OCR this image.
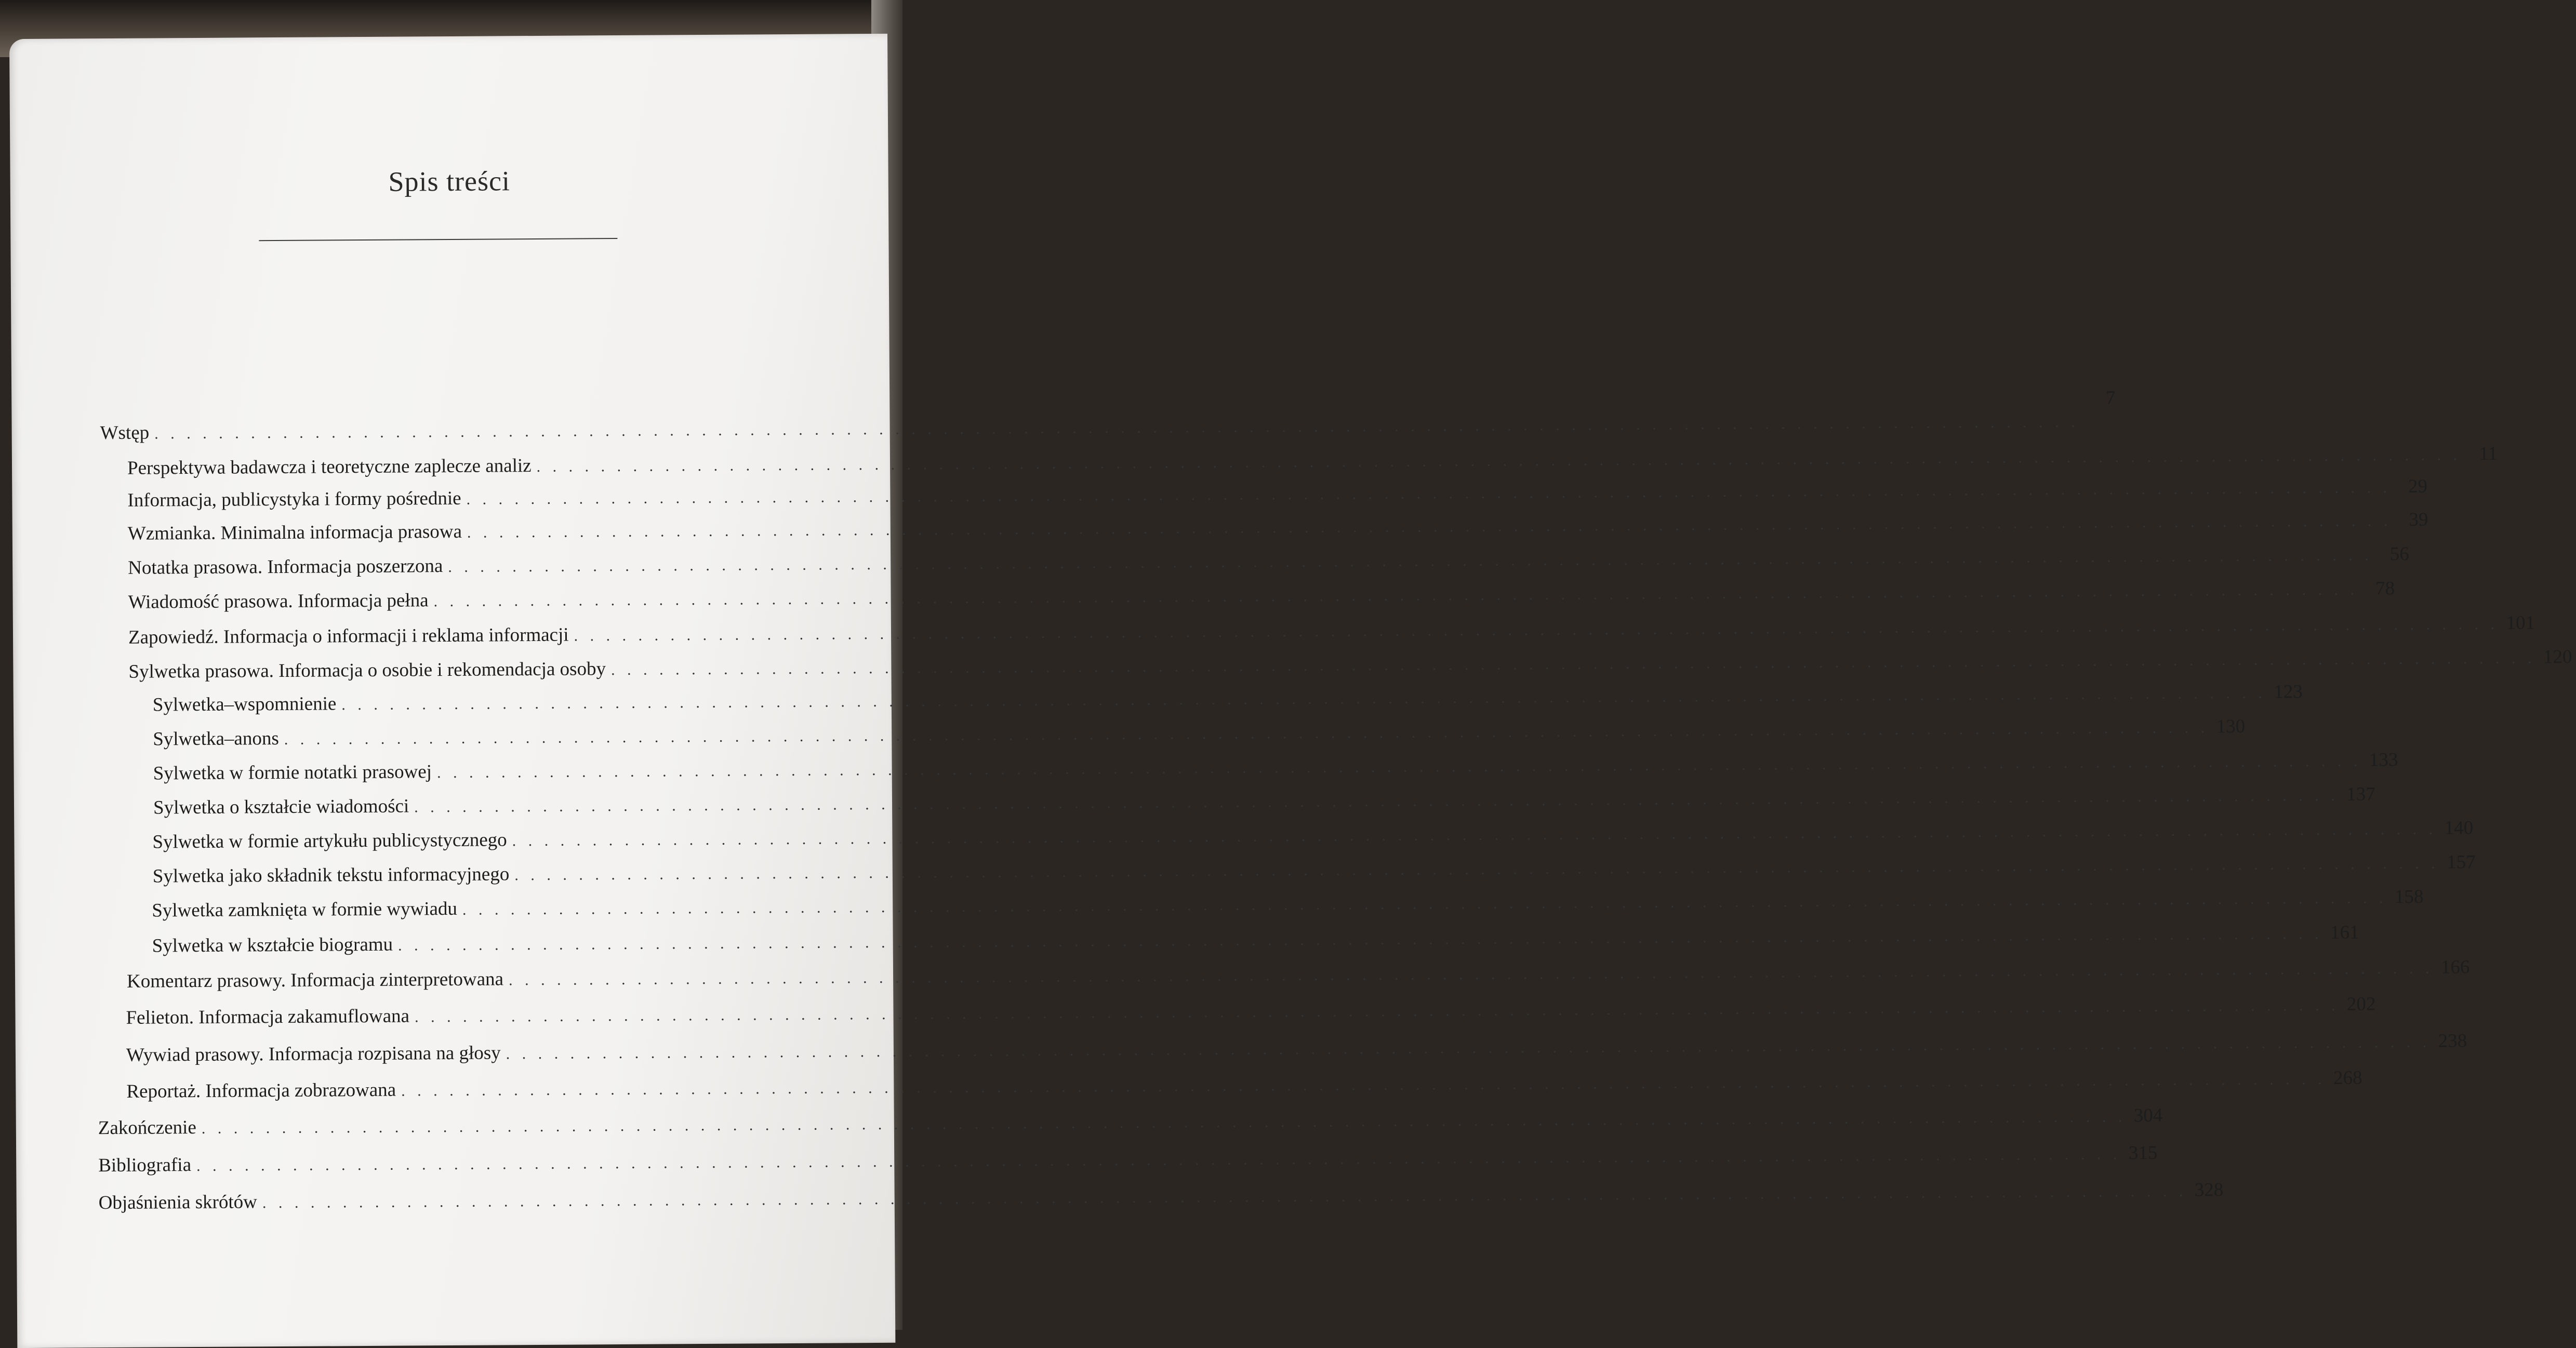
Spis treści
Wstęp . . . . . . . . . . . . . . . . . . . . . . . . . . . . . . . . . . . . . . . . . . . . . . . . . . . . . . . . . . . . . . . . . . . . . . . . . . . . . . . . . . . . . . . . . . . . . . . . . . . . . . . . . . . . . . . . . . . . . . . .
7
Perspektywa badawcza i teoretyczne zaplecze analiz . . . . . . . . . . . . . . . . . . . . . . . . . . . . . . . . . . . . . . . . . . . . . . . . . . . . . . . . . . . . . . . . . . . . . . . . . . . . . . . . . . . . . . . . . . . . . . . . . . . . . . . . . . . . . . . . . . . . . . . . 11
Informacja, publicystyka i formy pośrednie . . . . . . . . . . . . . . . . . . . . . . . . . . . . . . . . . . . . . . . . . . . . . . . . . . . . . . . . . . . . . . . . . . . . . . . . . . . . . . . . . . . . . . . . . . . . . . . . . . . . . . . . . . . . . . . . . . . . . . . . 29
Wzmianka. Minimalna informacja prasowa . . . . . . . . . . . . . . . . . . . . . . . . . . . . . . . . . . . . . . . . . . . . . . . . . . . . . . . . . . . . . . . . . . . . . . . . . . . . . . . . . . . . . . . . . . . . . . . . . . . . . . . . . . . . . . . . . . . . . . . . 39
Notatka prasowa. Informacja poszerzona . . . . . . . . . . . . . . . . . . . . . . . . . . . . . . . . . . . . . . . . . . . . . . . . . . . . . . . . . . . . . . . . . . . . . . . . . . . . . . . . . . . . . . . . . . . . . . . . . . . . . . . . . . . . . . . . . . . . . . . . 56
Wiadomość prasowa. Informacja pełna . . . . . . . . . . . . . . . . . . . . . . . . . . . . . . . . . . . . . . . . . . . . . . . . . . . . . . . . . . . . . . . . . . . . . . . . . . . . . . . . . . . . . . . . . . . . . . . . . . . . . . . . . . . . . . . . . . . . . . . . 78
Zapowiedź. Informacja o informacji i reklama informacji . . . . . . . . . . . . . . . . . . . . . . . . . . . . . . . . . . . . . . . . . . . . . . . . . . . . . . . . . . . . . . . . . . . . . . . . . . . . . . . . . . . . . . . . . . . . . . . . . . . . . . . . . . . . . . . . . . . . . . . . 101
Sylwetka prasowa. Informacja o osobie i rekomendacja osoby . . . . . . . . . . . . . . . . . . . . . . . . . . . . . . . . . . . . . . . . . . . . . . . . . . . . . . . . . . . . . . . . . . . . . . . . . . . . . . . . . . . . . . . . . . . . . . . . . . . . . . . . . . . . . . . . . . . . . . . . 120
Sylwetka–wspomnienie . . . . . . . . . . . . . . . . . . . . . . . . . . . . . . . . . . . . . . . . . . . . . . . . . . . . . . . . . . . . . . . . . . . . . . . . . . . . . . . . . . . . . . . . . . . . . . . . . . . . . . . . . . . . . . . . . . . . . . . . 123
Sylwetka–anons . . . . . . . . . . . . . . . . . . . . . . . . . . . . . . . . . . . . . . . . . . . . . . . . . . . . . . . . . . . . . . . . . . . . . . . . . . . . . . . . . . . . . . . . . . . . . . . . . . . . . . . . . . . . . . . . . . . . . . . . 130
Sylwetka w formie notatki prasowej . . . . . . . . . . . . . . . . . . . . . . . . . . . . . . . . . . . . . . . . . . . . . . . . . . . . . . . . . . . . . . . . . . . . . . . . . . . . . . . . . . . . . . . . . . . . . . . . . . . . . . . . . . . . . . . . . . . . . . . . 133
Sylwetka o kształcie wiadomości . . . . . . . . . . . . . . . . . . . . . . . . . . . . . . . . . . . . . . . . . . . . . . . . . . . . . . . . . . . . . . . . . . . . . . . . . . . . . . . . . . . . . . . . . . . . . . . . . . . . . . . . . . . . . . . . . . . . . . . . 137
Sylwetka w formie artykułu publicystycznego . . . . . . . . . . . . . . . . . . . . . . . . . . . . . . . . . . . . . . . . . . . . . . . . . . . . . . . . . . . . . . . . . . . . . . . . . . . . . . . . . . . . . . . . . . . . . . . . . . . . . . . . . . . . . . . . . . . . . . . . 140
Sylwetka jako składnik tekstu informacyjnego . . . . . . . . . . . . . . . . . . . . . . . . . . . . . . . . . . . . . . . . . . . . . . . . . . . . . . . . . . . . . . . . . . . . . . . . . . . . . . . . . . . . . . . . . . . . . . . . . . . . . . . . . . . . . . . . . . . . . . . . 157
Sylwetka zamknięta w formie wywiadu . . . . . . . . . . . . . . . . . . . . . . . . . . . . . . . . . . . . . . . . . . . . . . . . . . . . . . . . . . . . . . . . . . . . . . . . . . . . . . . . . . . . . . . . . . . . . . . . . . . . . . . . . . . . . . . . . . . . . . . . 158
Sylwetka w kształcie biogramu . . . . . . . . . . . . . . . . . . . . . . . . . . . . . . . . . . . . . . . . . . . . . . . . . . . . . . . . . . . . . . . . . . . . . . . . . . . . . . . . . . . . . . . . . . . . . . . . . . . . . . . . . . . . . . . . . . . . . . . . 161
Komentarz prasowy. Informacja zinterpretowana . . . . . . . . . . . . . . . . . . . . . . . . . . . . . . . . . . . . . . . . . . . . . . . . . . . . . . . . . . . . . . . . . . . . . . . . . . . . . . . . . . . . . . . . . . . . . . . . . . . . . . . . . . . . . . . . . . . . . . . . 166
Felieton. Informacja zakamuflowana . . . . . . . . . . . . . . . . . . . . . . . . . . . . . . . . . . . . . . . . . . . . . . . . . . . . . . . . . . . . . . . . . . . . . . . . . . . . . . . . . . . . . . . . . . . . . . . . . . . . . . . . . . . . . . . . . . . . . . . . 202
Wywiad prasowy. Informacja rozpisana na głosy . . . . . . . . . . . . . . . . . . . . . . . . . . . . . . . . . . . . . . . . . . . . . . . . . . . . . . . . . . . . . . . . . . . . . . . . . . . . . . . . . . . . . . . . . . . . . . . . . . . . . . . . . . . . . . . . . . . . . . . . 238
Reportaż. Informacja zobrazowana . . . . . . . . . . . . . . . . . . . . . . . . . . . . . . . . . . . . . . . . . . . . . . . . . . . . . . . . . . . . . . . . . . . . . . . . . . . . . . . . . . . . . . . . . . . . . . . . . . . . . . . . . . . . . . . . . . . . . . . . 268
Zakończenie . . . . . . . . . . . . . . . . . . . . . . . . . . . . . . . . . . . . . . . . . . . . . . . . . . . . . . . . . . . . . . . . . . . . . . . . . . . . . . . . . . . . . . . . . . . . . . . . . . . . . . . . . . . . . . . . . . . . . . . . 304
Bibliografia . . . . . . . . . . . . . . . . . . . . . . . . . . . . . . . . . . . . . . . . . . . . . . . . . . . . . . . . . . . . . . . . . . . . . . . . . . . . . . . . . . . . . . . . . . . . . . . . . . . . . . . . . . . . . . . . . . . . . . . . 315
Objaśnienia skrótów . . . . . . . . . . . . . . . . . . . . . . . . . . . . . . . . . . . . . . . . . . . . . . . . . . . . . . . . . . . . . . . . . . . . . . . . . . . . . . . . . . . . . . . . . . . . . . . . . . . . . . . . . . . . . . . . . . . . . . . . 328
